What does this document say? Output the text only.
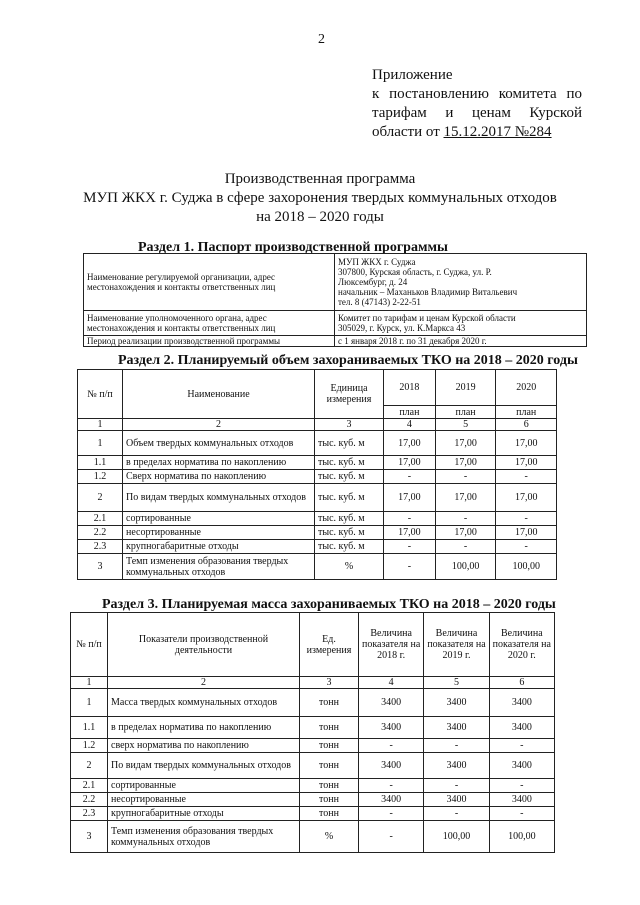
2
Приложение
к постановлению комитета по
тарифам и ценам Курской
области от 15.12.2017 №284
Производственная программа
МУП ЖКХ г. Суджа в сфере захоронения твердых коммунальных отходов
на 2018 – 2020 годы
Раздел 1. Паспорт производственной программы
Наименование регулируемой организации, адрес местонахождения и контакты ответственных лиц	МУП ЖКХ г. Суджа
307800, Курская область, г. Суджа, ул. Р.
Люксембург, д. 24
начальник – Маханьков Владимир Витальевич
тел. 8 (47143) 2-22-51

Наименование уполномоченного органа, адрес местонахождения и контакты ответственных лиц	Комитет по тарифам и ценам Курской области
305029, г. Курск, ул. К.Маркса 43

Период реализации производственной программы	с 1 января 2018 г. по 31 декабря 2020 г.
Раздел 2. Планируемый объем захораниваемых ТКО на 2018 – 2020 годы
№ п/п	Наименование	Единица измерения	2018	2019	2020
			план	план	план
1	2	3	4	5	6
1	Объем твердых коммунальных отходов	тыс. куб. м	17,00	17,00	17,00
1.1	в пределах норматива по накоплению	тыс. куб. м	17,00	17,00	17,00
1.2	Сверх норматива по накоплению	тыс. куб. м	-	-	-
2	По видам твердых коммунальных отходов	тыс. куб. м	17,00	17,00	17,00
2.1	сортированные	тыс. куб. м	-	-	-
2.2	несортированные	тыс. куб. м	17,00	17,00	17,00
2.3	крупногабаритные отходы	тыс. куб. м	-	-	-
3	Темп изменения образования твердых коммунальных отходов	%	-	100,00	100,00
Раздел 3. Планируемая масса захораниваемых ТКО на 2018 – 2020 годы
№ п/п	Показатели производственной деятельности	Ед. измерения	Величина показателя на 2018 г.	Величина показателя на 2019 г.	Величина показателя на 2020 г.
1	2	3	4	5	6
1	Масса твердых коммунальных отходов	тонн	3400	3400	3400
1.1	в пределах норматива по накоплению	тонн	3400	3400	3400
1.2	сверх норматива по накоплению	тонн	-	-	-
2	По видам твердых коммунальных отходов	тонн	3400	3400	3400
2.1	сортированные	тонн	-	-	-
2.2	несортированные	тонн	3400	3400	3400
2.3	крупногабаритные отходы	тонн	-	-	-
3	Темп изменения образования твердых коммунальных отходов	%	-	100,00	100,00
